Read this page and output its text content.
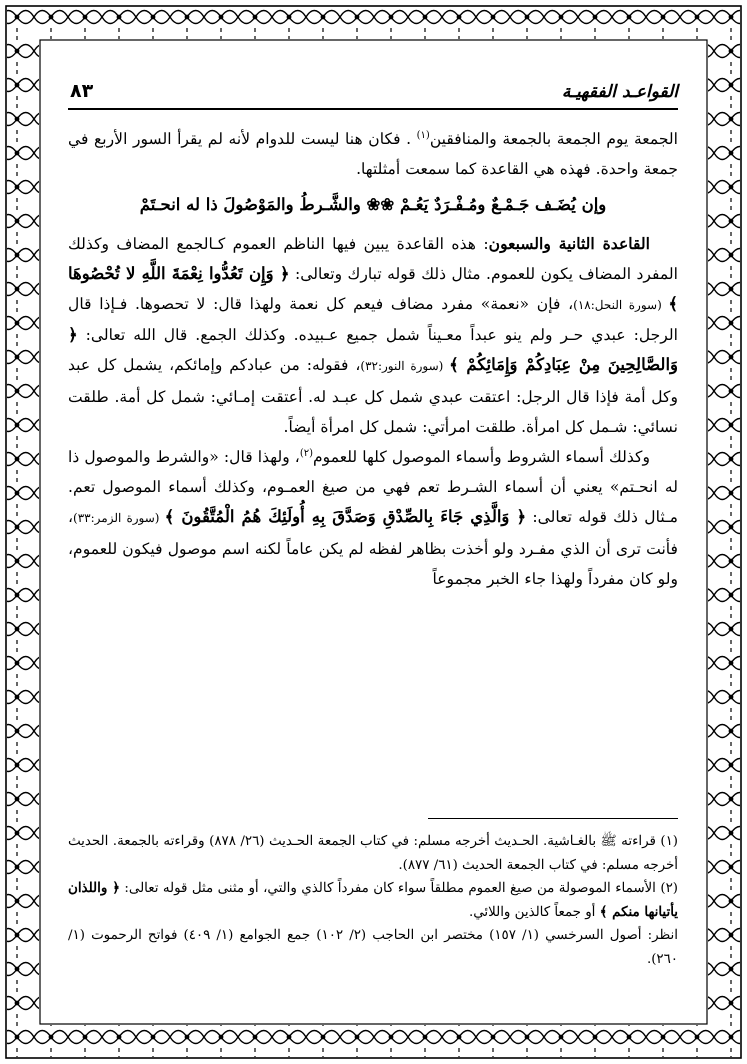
القواعـد الفقهيـة
٨٣

الجمعة يوم الجمعة بالجمعة والمنافقين$^{(١)}$ . فكان هنا ليست للدوام لأنه لم يقرأ السور الأربع في جمعة واحدة. فهذه هي القاعدة كما سمعت أمثلتها.

وإن يُضَـف جَـمْـعٌ ومُـفْـرَدٌ يَعُـمْ ❀❀ والشَّـرطُ والمَوْصُولَ ذا له انحـتَمْ

القاعدة الثانية والسبعون: هذه القاعدة يبين فيها الناظم العموم كـالجمع المضاف وكذلك المفرد المضاف يكون للعموم. مثال ذلك قوله تبارك وتعالى: ﴿ وَإِن تَعُدُّوا نِعْمَةَ اللَّهِ لا تُحْصُوهَا ﴾ (سورة النحل:١٨)، فإن «نعمة» مفرد مضاف فيعم كل نعمة ولهذا قال: لا تحصوها. فـإذا قال الرجل: عبدي حـر ولم ينو عبداً معـيناً شمل جميع عـبيده. وكذلك الجمع. قال الله تعالى: ﴿ وَالصَّالِحِينَ مِنْ عِبَادِكُمْ وَإِمَائِكُمْ ﴾ (سورة النور:٣٢)، فقوله: من عبادكم وإمائكم، يشمل كل عبد وكل أمة فإذا قال الرجل: اعتقت عبدي شمل كل عبـد له. أعتقت إمـائي: شمل كل أمة. طلقت نسائي: شـمل كل امرأة. طلقت امرأتي: شمل كل امرأة أيضاً.

وكذلك أسماء الشروط وأسماء الموصول كلها للعموم$^{(٢)}$، ولهذا قال: «والشرط والموصول ذا له انحـتم» يعني أن أسماء الشـرط تعم فهي من صيغ العمـوم، وكذلك أسماء الموصول تعم. مـثال ذلك قوله تعالى: ﴿ وَالَّذِي جَاءَ بِالصِّدْقِ وَصَدَّقَ بِهِ أُولَئِكَ هُمُ الْمُتَّقُونَ ﴾ (سورة الزمر:٣٣)، فأنت ترى أن الذي مفـرد ولو أخذت بظاهر لفظه لم يكن عاماً لكنه اسم موصول فيكون للعموم، ولو كان مفرداً ولهذا جاء الخبر مجموعاً

(١) قراءته ﷺ بالغـاشية. الحـديث أخرجه مسلم: في كتاب الجمعة الحـديث (٢٦/ ٨٧٨) وقراءته بالجمعة. الحديث أخرجه مسلم: في كتاب الجمعة الحديث (٦١/ ٨٧٧).

(٢) الأسماء الموصولة من صيغ العموم مطلقاً سواء كان مفرداً كالذي والتي، أو مثنى مثل قوله تعالى: ﴿ واللذان يأتيانها منكم ﴾ أو جمعاً كالذين واللائي.

انظر: أصول السرخسي (١/ ١٥٧) مختصر ابن الحاجب (٢/ ١٠٢) جمع الجوامع (١/ ٤٠٩) فواتح الرحموت (١/ ٢٦٠).
